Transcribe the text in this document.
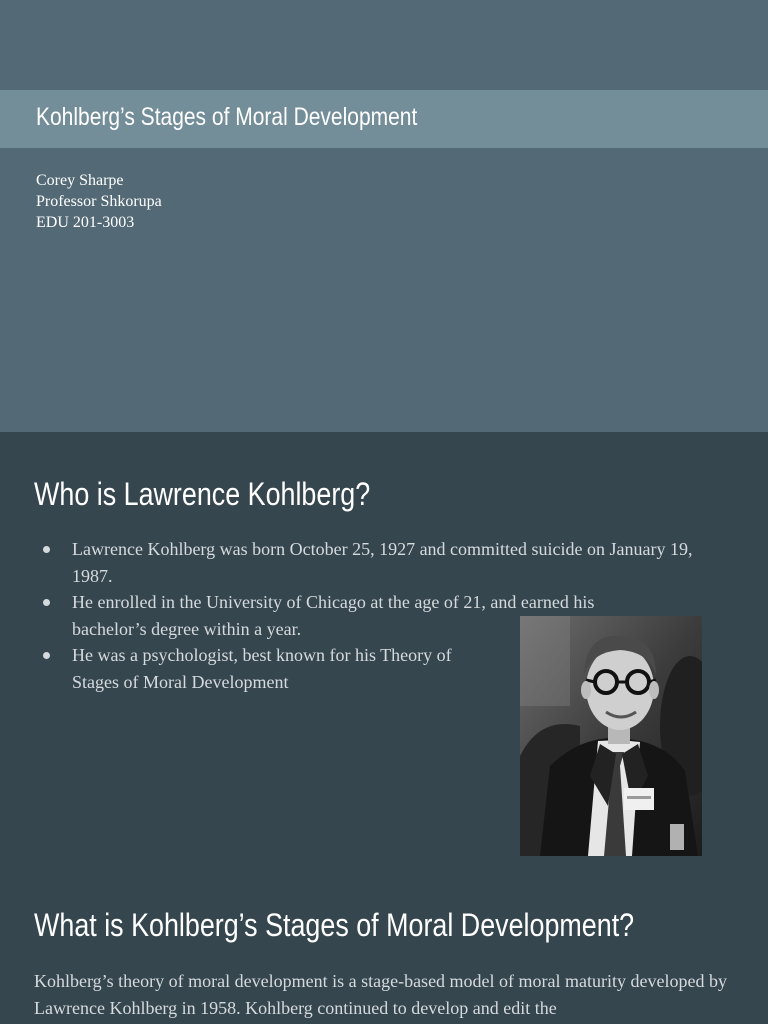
Kohlberg’s Stages of Moral Development
Corey Sharpe
Professor Shkorupa
EDU 201-3003
Who is Lawrence Kohlberg?
Lawrence Kohlberg was born October 25, 1927 and committed suicide on January 19, 1987.
He enrolled in the University of Chicago at the age of 21, and earned his bachelor’s degree within a year.
He was a psychologist, best known for his Theory of Stages of Moral Development
What is Kohlberg’s Stages of Moral Development?

Kohlberg’s theory of moral development is a stage-based model of moral maturity developed by Lawrence Kohlberg in 1958. Kohlberg continued to develop and edit the
